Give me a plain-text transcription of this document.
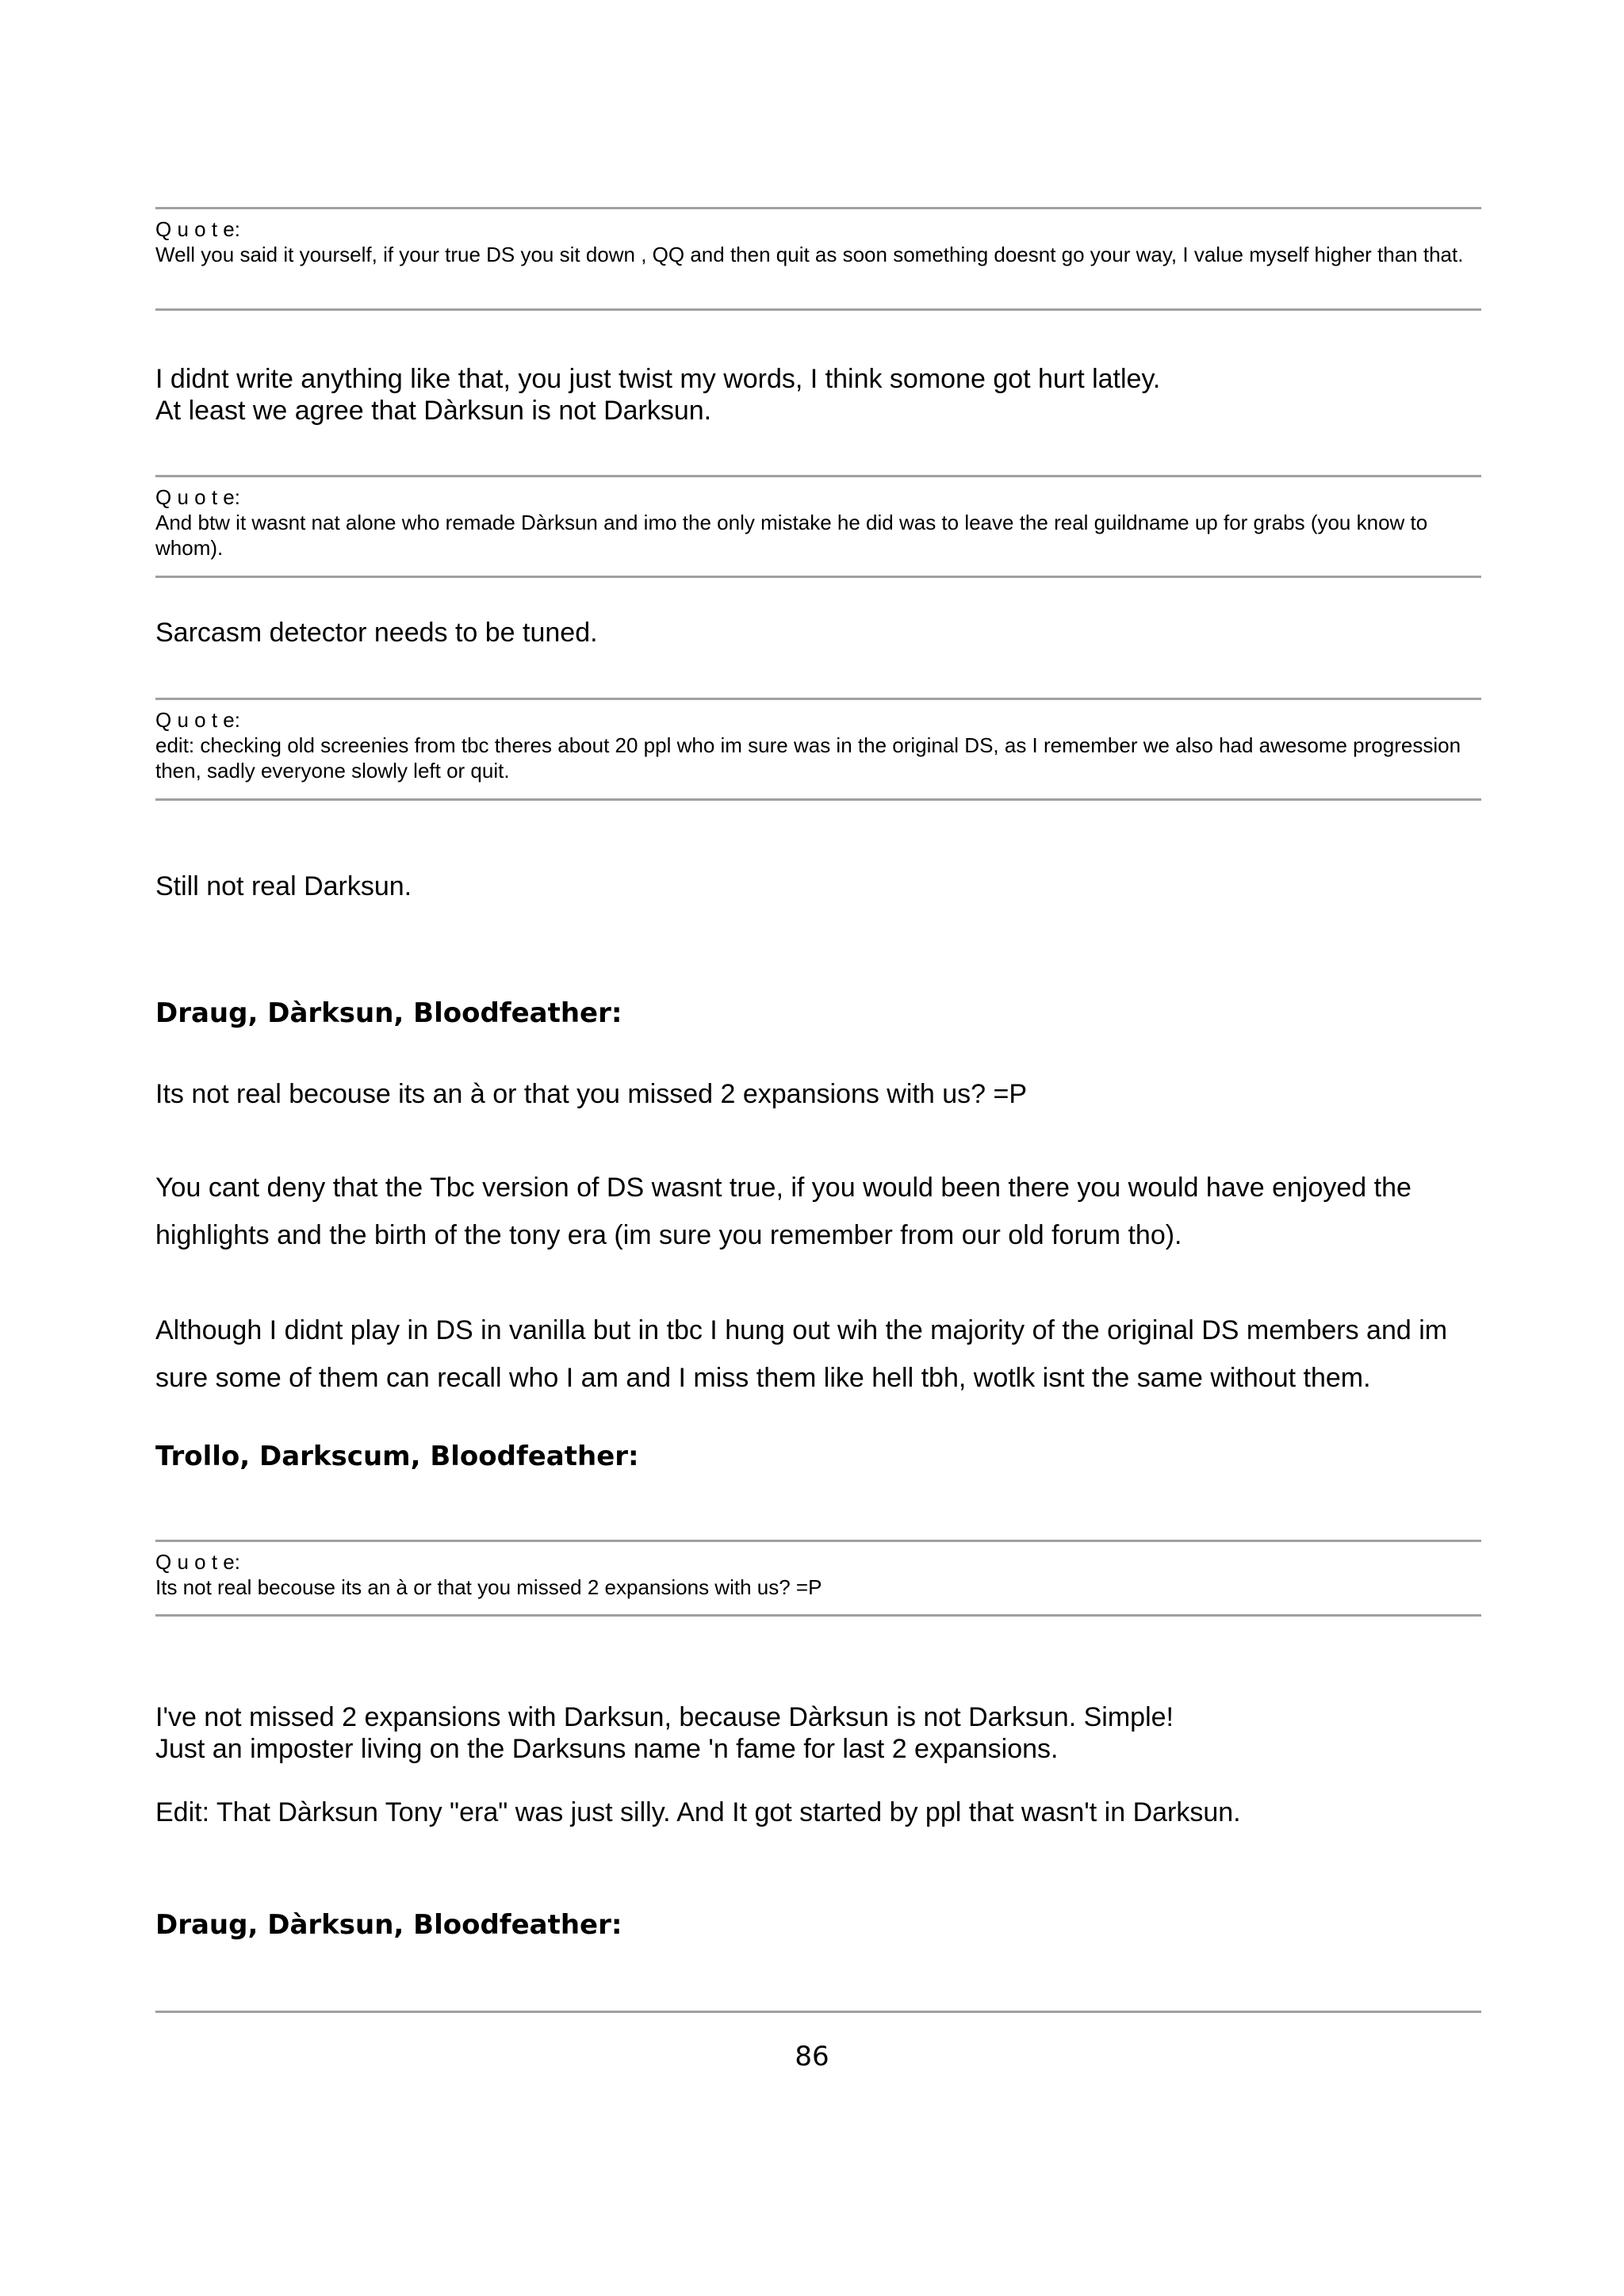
Q u o t e:
Well you said it yourself, if your true DS you sit down , QQ and then quit as soon something doesnt go your way, I value myself higher than that.
I didnt write anything like that, you just twist my words, I think somone got hurt latley.
At least we agree that Dàrksun is not Darksun.
Q u o t e:
And btw it wasnt nat alone who remade Dàrksun and imo the only mistake he did was to leave the real guildname up for grabs (you know to whom).
Sarcasm detector needs to be tuned.
Q u o t e:
edit: checking old screenies from tbc theres about 20 ppl who im sure was in the original DS, as I remember we also had awesome progression then, sadly everyone slowly left or quit.
Still not real Darksun.
Draug, Dàrksun, Bloodfeather:
Its not real becouse its an à or that you missed 2 expansions with us? =P
You cant deny that the Tbc version of DS wasnt true, if you would been there you would have enjoyed the highlights and the birth of the tony era (im sure you remember from our old forum tho).
Although I didnt play in DS in vanilla but in tbc I hung out wih the majority of the original DS members and im sure some of them can recall who I am and I miss them like hell tbh, wotlk isnt the same without them.
Trollo, Darkscum, Bloodfeather:
Q u o t e:
Its not real becouse its an à or that you missed 2 expansions with us? =P
I've not missed 2 expansions with Darksun, because Dàrksun is not Darksun. Simple!
Just an imposter living on the Darksuns name 'n fame for last 2 expansions.
Edit: That Dàrksun Tony "era" was just silly. And It got started by ppl that wasn't in Darksun.
Draug, Dàrksun, Bloodfeather:
86
